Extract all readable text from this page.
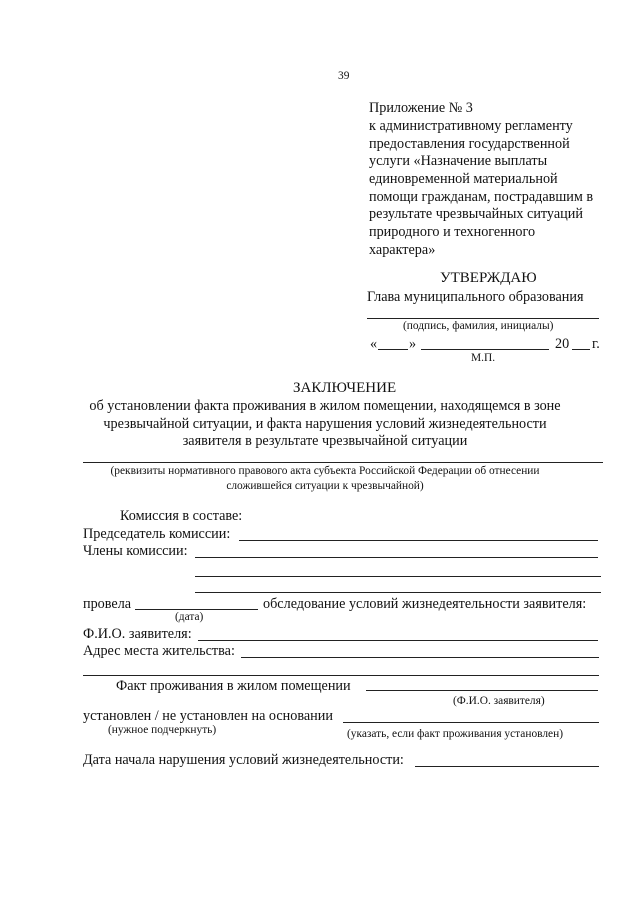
39
Приложение № 3
к административному регламенту
предоставления государственной
услуги «Назначение выплаты
единовременной материальной
помощи гражданам, пострадавшим в
результате чрезвычайных ситуаций
природного и техногенного
характера»
УТВЕРЖДАЮ
Глава муниципального образования
(подпись, фамилия, инициалы)
« »	20 г.
М.П.
ЗАКЛЮЧЕНИЕ
об установлении факта проживания в жилом помещении, находящемся в зоне
чрезвычайной ситуации, и факта нарушения условий жизнедеятельности
заявителя в результате чрезвычайной ситуации
(реквизиты нормативного правового акта субъекта Российской Федерации об отнесении
сложившейся ситуации к чрезвычайной)
Комиссия в составе:
Председатель комиссии:
Члены комиссии:
провела	обследование условий жизнедеятельности заявителя:
(дата)
Ф.И.О. заявителя:
Адрес места жительства:
Факт проживания в жилом помещении
(Ф.И.О. заявителя)
установлен / не установлен на основании
(нужное подчеркнуть)	(указать, если факт проживания установлен)
Дата начала нарушения условий жизнедеятельности:
